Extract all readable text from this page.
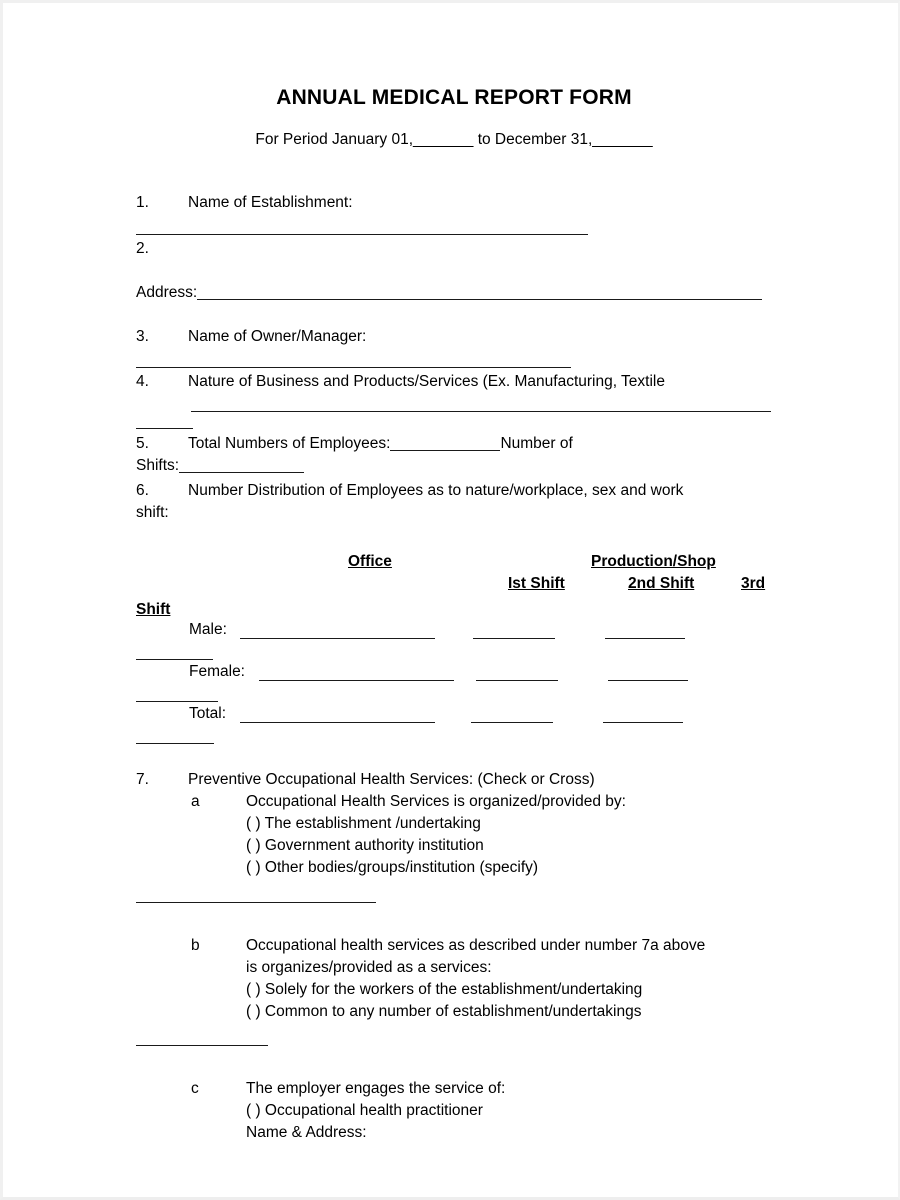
ANNUAL MEDICAL REPORT FORM
For Period January 01,_______ to December 31,_______
1.	Name of Establishment:
2.
Address:
3.	Name of Owner/Manager:
4.	Nature of Business and Products/Services (Ex. Manufacturing, Textile
5.	Total Numbers of Employees:	Number of
Shifts:
6.	Number Distribution of Employees as to nature/workplace, sex and work
shift:
Office	Production/Shop
Ist Shift	2nd Shift	3rd
Shift
Male:
Female:
Total:
7.	Preventive Occupational Health Services: (Check or Cross)
a	Occupational Health Services is organized/provided by:
( ) The establishment /undertaking
( ) Government authority institution
( ) Other bodies/groups/institution (specify)
b	Occupational health services as described under number 7a above
is organizes/provided as a services:
( ) Solely for the workers of the establishment/undertaking
( ) Common to any number of establishment/undertakings
c	The employer engages the service of:
( ) Occupational health practitioner
Name & Address:
